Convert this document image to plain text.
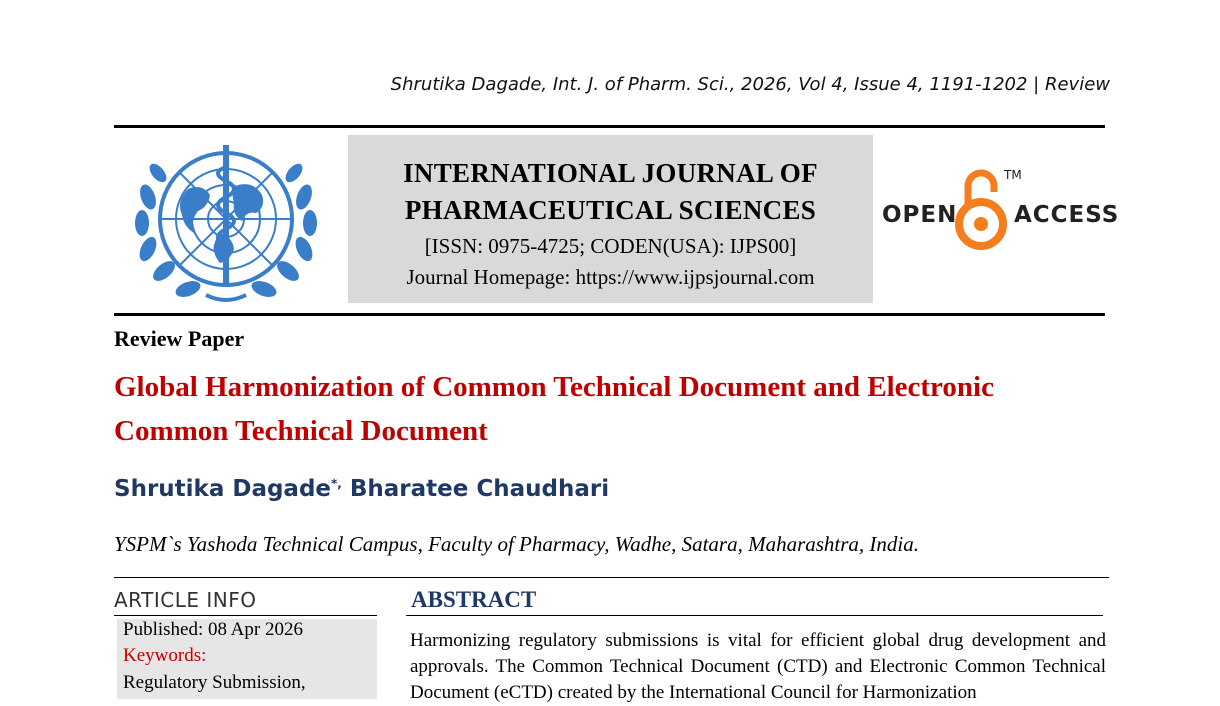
Shrutika Dagade, Int. J. of Pharm. Sci., 2026, Vol 4, Issue 4, 1191-1202 | Review
INTERNATIONAL JOURNAL OF
PHARMACEUTICAL SCIENCES
[ISSN: 0975-4725; CODEN(USA): IJPS00]
Journal Homepage: https://www.ijpsjournal.com
OPEN
TM
ACCESS
Review Paper
Global Harmonization of Common Technical Document and Electronic Common Technical Document
Shrutika Dagade*, Bharatee Chaudhari
YSPM`s Yashoda Technical Campus, Faculty of Pharmacy, Wadhe, Satara, Maharashtra, India.
ARTICLE INFO
Published: 08 Apr 2026
Keywords:
Regulatory Submission,
ABSTRACT
Harmonizing regulatory submissions is vital for efficient global drug development and approvals. The Common Technical Document (CTD) and Electronic Common Technical Document (eCTD) created by the International Council for Harmonization
